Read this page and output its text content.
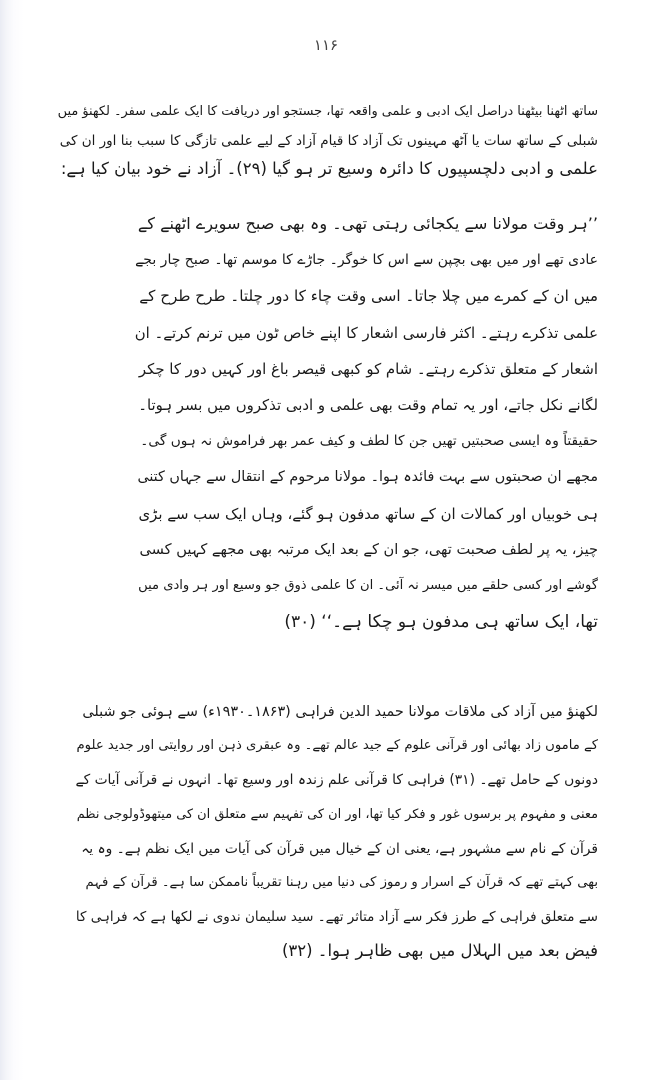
۱۱۶
ساتھ اٹھنا بیٹھنا دراصل ایک ادبی و علمی واقعہ تھا، جستجو اور دریافت کا ایک علمی سفر۔ لکھنؤ میں
شبلی کے ساتھ سات یا آٹھ مہینوں تک آزاد کا قیام آزاد کے لیے علمی تازگی کا سبب بنا اور ان کی
علمی و ادبی دلچسپیوں کا دائرہ وسیع تر ہو گیا (۲۹)۔ آزاد نے خود بیان کیا ہے:
’’ہر وقت مولانا سے یکجائی رہتی تھی۔ وہ بھی صبح سویرے اٹھنے کے
عادی تھے اور میں بھی بچپن سے اس کا خوگر۔ جاڑے کا موسم تھا۔ صبح چار بجے
میں ان کے کمرے میں چلا جاتا۔ اسی وقت چاء کا دور چلتا۔ طرح طرح کے
علمی تذکرے رہتے۔ اکثر فارسی اشعار کا اپنے خاص ٹون میں ترنم کرتے۔ ان
اشعار کے متعلق تذکرے رہتے۔ شام کو کبھی قیصر باغ اور کہیں دور کا چکر
لگانے نکل جاتے، اور یہ تمام وقت بھی علمی و ادبی تذکروں میں بسر ہوتا۔
حقیقتاً وہ ایسی صحبتیں تھیں جن کا لطف و کیف عمر بھر فراموش نہ ہوں گی۔
مجھے ان صحبتوں سے بہت فائدہ ہوا۔ مولانا مرحوم کے انتقال سے جہاں کتنی
ہی خوبیاں اور کمالات ان کے ساتھ مدفون ہو گئے، وہاں ایک سب سے بڑی
چیز، یہ پر لطف صحبت تھی، جو ان کے بعد ایک مرتبہ بھی مجھے کہیں کسی
گوشے اور کسی حلقے میں میسر نہ آئی۔ ان کا علمی ذوق جو وسیع اور ہر وادی میں
تھا، ایک ساتھ ہی مدفون ہو چکا ہے۔‘‘ (۳۰)
لکھنؤ میں آزاد کی ملاقات مولانا حمید الدین فراہی (۱۸۶۳۔۱۹۳۰ء) سے ہوئی جو شبلی
کے ماموں زاد بھائی اور قرآنی علوم کے جید عالم تھے۔ وہ عبقری ذہن اور روایتی اور جدید علوم
دونوں کے حامل تھے۔ (۳۱) فراہی کا قرآنی علم زندہ اور وسیع تھا۔ انہوں نے قرآنی آیات کے
معنی و مفہوم پر برسوں غور و فکر کیا تھا، اور ان کی تفہیم سے متعلق ان کی میتھوڈولوجی نظم
قرآن کے نام سے مشہور ہے، یعنی ان کے خیال میں قرآن کی آیات میں ایک نظم ہے۔ وہ یہ
بھی کہتے تھے کہ قرآن کے اسرار و رموز کی دنیا میں رہنا تقریباً ناممکن سا ہے۔ قرآن کے فہم
سے متعلق فراہی کے طرز فکر سے آزاد متاثر تھے۔ سید سلیمان ندوی نے لکھا ہے کہ فراہی کا
فیض بعد میں الہلال میں بھی ظاہر ہوا۔ (۳۲)
